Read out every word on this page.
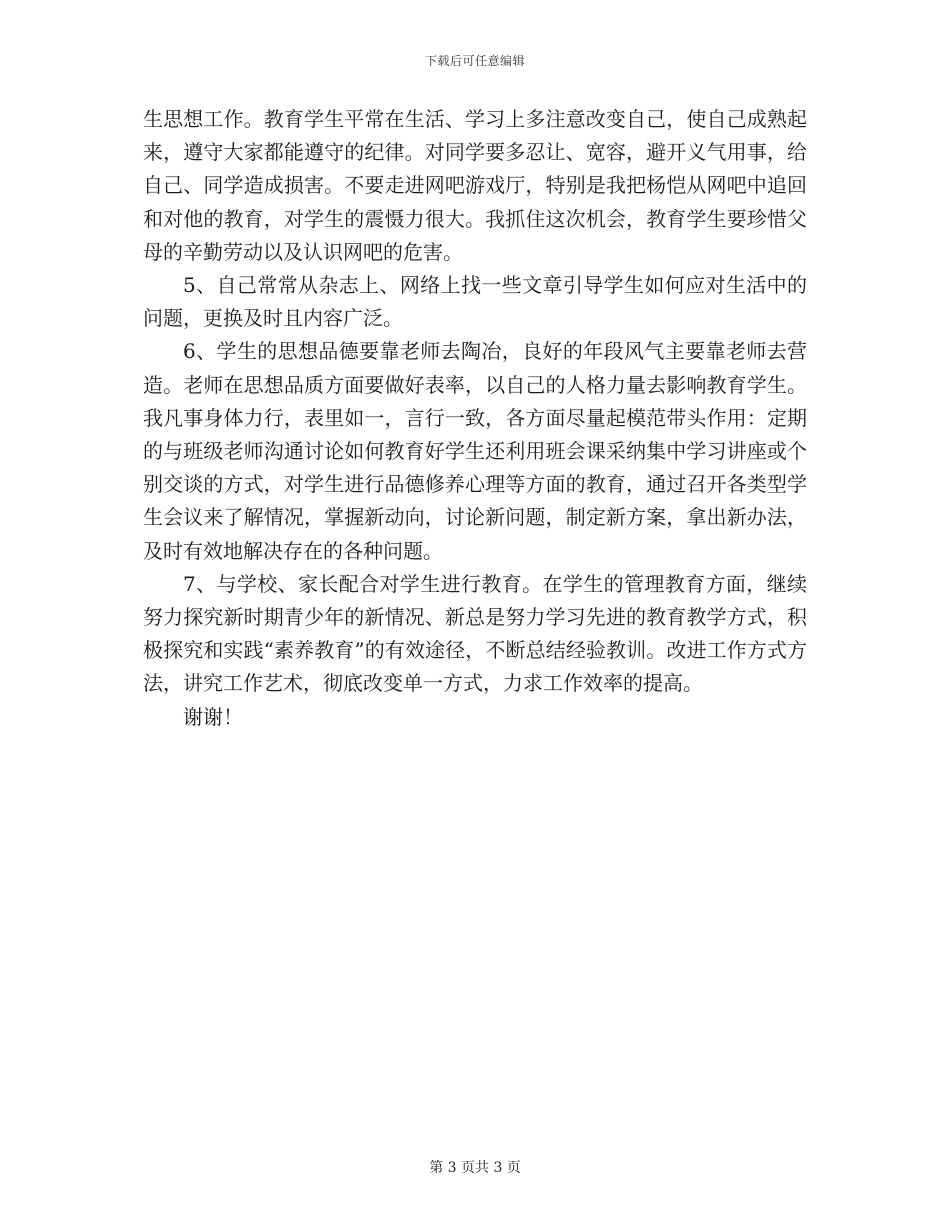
下载后可任意编辑

生思想工作。教育学生平常在生活、学习上多注意改变自己，使自己成熟起来，遵守大家都能遵守的纪律。对同学要多忍让、宽容，避开义气用事，给自己、同学造成损害。不要走进网吧游戏厅，特别是我把杨恺从网吧中追回和对他的教育，对学生的震慑力很大。我抓住这次机会，教育学生要珍惜父母的辛勤劳动以及认识网吧的危害。

5、自己常常从杂志上、网络上找一些文章引导学生如何应对生活中的问题，更换及时且内容广泛。

6、学生的思想品德要靠老师去陶冶，良好的年段风气主要靠老师去营造。老师在思想品质方面要做好表率，以自己的人格力量去影响教育学生。我凡事身体力行，表里如一，言行一致，各方面尽量起模范带头作用：定期的与班级老师沟通讨论如何教育好学生还利用班会课采纳集中学习讲座或个别交谈的方式，对学生进行品德修养心理等方面的教育，通过召开各类型学生会议来了解情况，掌握新动向，讨论新问题，制定新方案，拿出新办法，及时有效地解决存在的各种问题。

7、与学校、家长配合对学生进行教育。在学生的管理教育方面，继续努力探究新时期青少年的新情况、新总是努力学习先进的教育教学方式，积极探究和实践“素养教育”的有效途径，不断总结经验教训。改进工作方式方法，讲究工作艺术，彻底改变单一方式，力求工作效率的提高。

谢谢！

第 3 页共 3 页
